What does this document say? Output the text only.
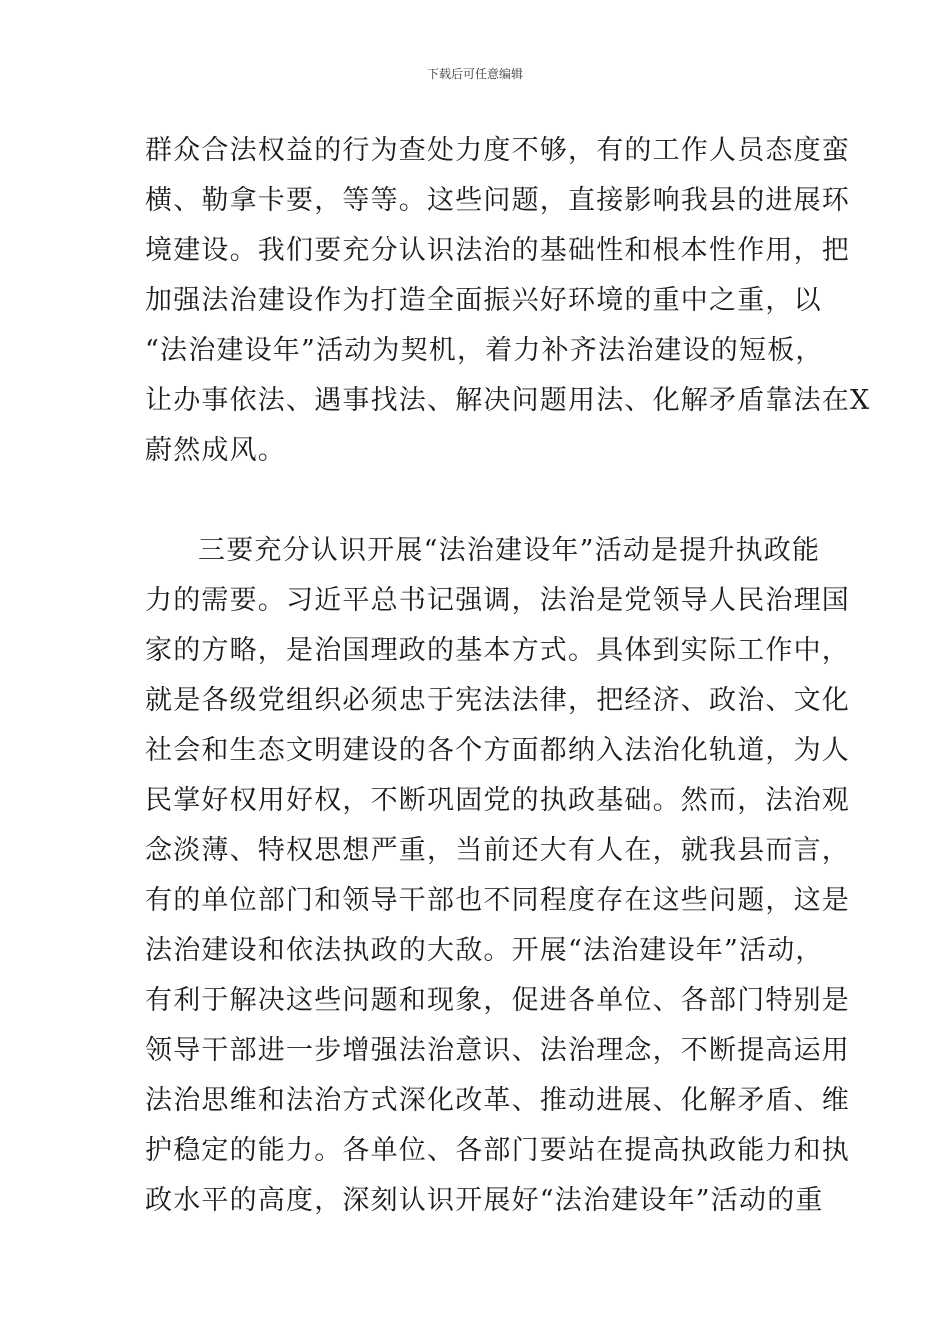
下载后可任意编辑
群众合法权益的行为查处力度不够，有的工作人员态度蛮
横、勒拿卡要，等等。这些问题，直接影响我县的进展环
境建设。我们要充分认识法治的基础性和根本性作用，把
加强法治建设作为打造全面振兴好环境的重中之重，以
“法治建设年”活动为契机，着力补齐法治建设的短板，
让办事依法、遇事找法、解决问题用法、化解矛盾靠法在X
蔚然成风。
三要充分认识开展“法治建设年”活动是提升执政能
力的需要。习近平总书记强调，法治是党领导人民治理国
家的方略，是治国理政的基本方式。具体到实际工作中，
就是各级党组织必须忠于宪法法律，把经济、政治、文化
社会和生态文明建设的各个方面都纳入法治化轨道，为人
民掌好权用好权，不断巩固党的执政基础。然而，法治观
念淡薄、特权思想严重，当前还大有人在，就我县而言，
有的单位部门和领导干部也不同程度存在这些问题，这是
法治建设和依法执政的大敌。开展“法治建设年”活动，
有利于解决这些问题和现象，促进各单位、各部门特别是
领导干部进一步增强法治意识、法治理念，不断提高运用
法治思维和法治方式深化改革、推动进展、化解矛盾、维
护稳定的能力。各单位、各部门要站在提高执政能力和执
政水平的高度，深刻认识开展好“法治建设年”活动的重
